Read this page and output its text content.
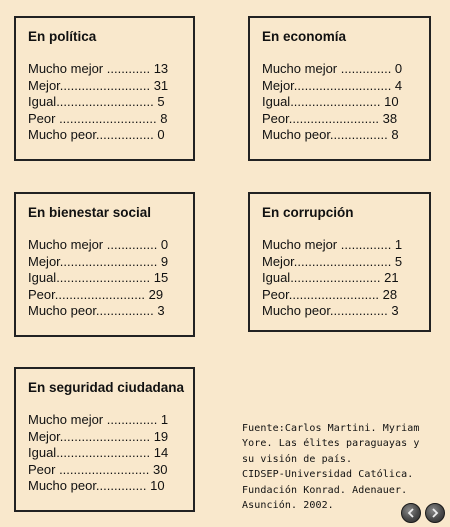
En política
Mucho mejor ............ 13
Mejor......................... 31
Igual........................... 5
Peor ........................... 8
Mucho peor................ 0
En economía
Mucho mejor .............. 0
Mejor........................... 4
Igual......................... 10
Peor......................... 38
Mucho peor................ 8
En bienestar social
Mucho mejor .............. 0
Mejor........................... 9
Igual.......................... 15
Peor......................... 29
Mucho peor................ 3
En corrupción
Mucho mejor .............. 1
Mejor........................... 5
Igual......................... 21
Peor......................... 28
Mucho peor................ 3
En seguridad ciudadana
Mucho mejor .............. 1
Mejor......................... 19
Igual.......................... 14
Peor ......................... 30
Mucho peor.............. 10
Fuente:Carlos Martini. Myriam
Yore. Las élites paraguayas y
su visión de país.
CIDSEP-Universidad Católica.
Fundación Konrad. Adenauer.
Asunción. 2002.
